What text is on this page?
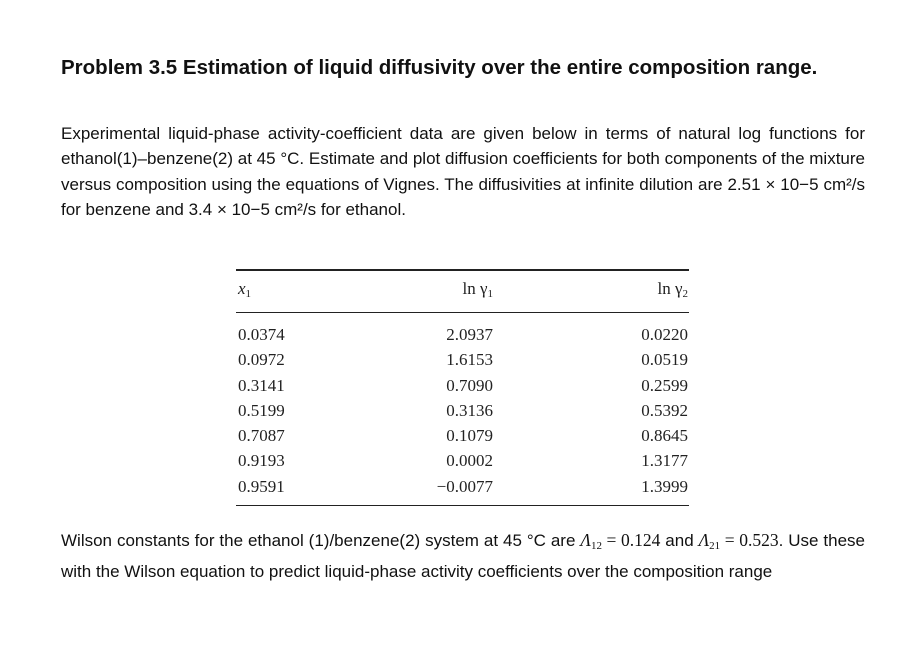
Problem 3.5 Estimation of liquid diffusivity over the entire composition range.

Experimental liquid-phase activity-coefficient data are given below in terms of natural log functions for ethanol(1)–benzene(2) at 45 °C. Estimate and plot diffusion coefficients for both components of the mixture versus composition using the equations of Vignes. The diffusivities at infinite dilution are 2.51 × 10−5 cm²/s for benzene and 3.4 × 10−5 cm²/s for ethanol.

$x_1$	$\ln \gamma_1$	$\ln \gamma_2$
0.0374	2.0937	0.0220
0.0972	1.6153	0.0519
0.3141	0.7090	0.2599
0.5199	0.3136	0.5392
0.7087	0.1079	0.8645
0.9193	0.0002	1.3177
0.9591	−0.0077	1.3999

Wilson constants for the ethanol (1)/benzene(2) system at 45 °C are $\Lambda_{12} = 0.124$ and $\Lambda_{21} = 0.523$. Use these with the Wilson equation to predict liquid-phase activity coefficients over the composition range
